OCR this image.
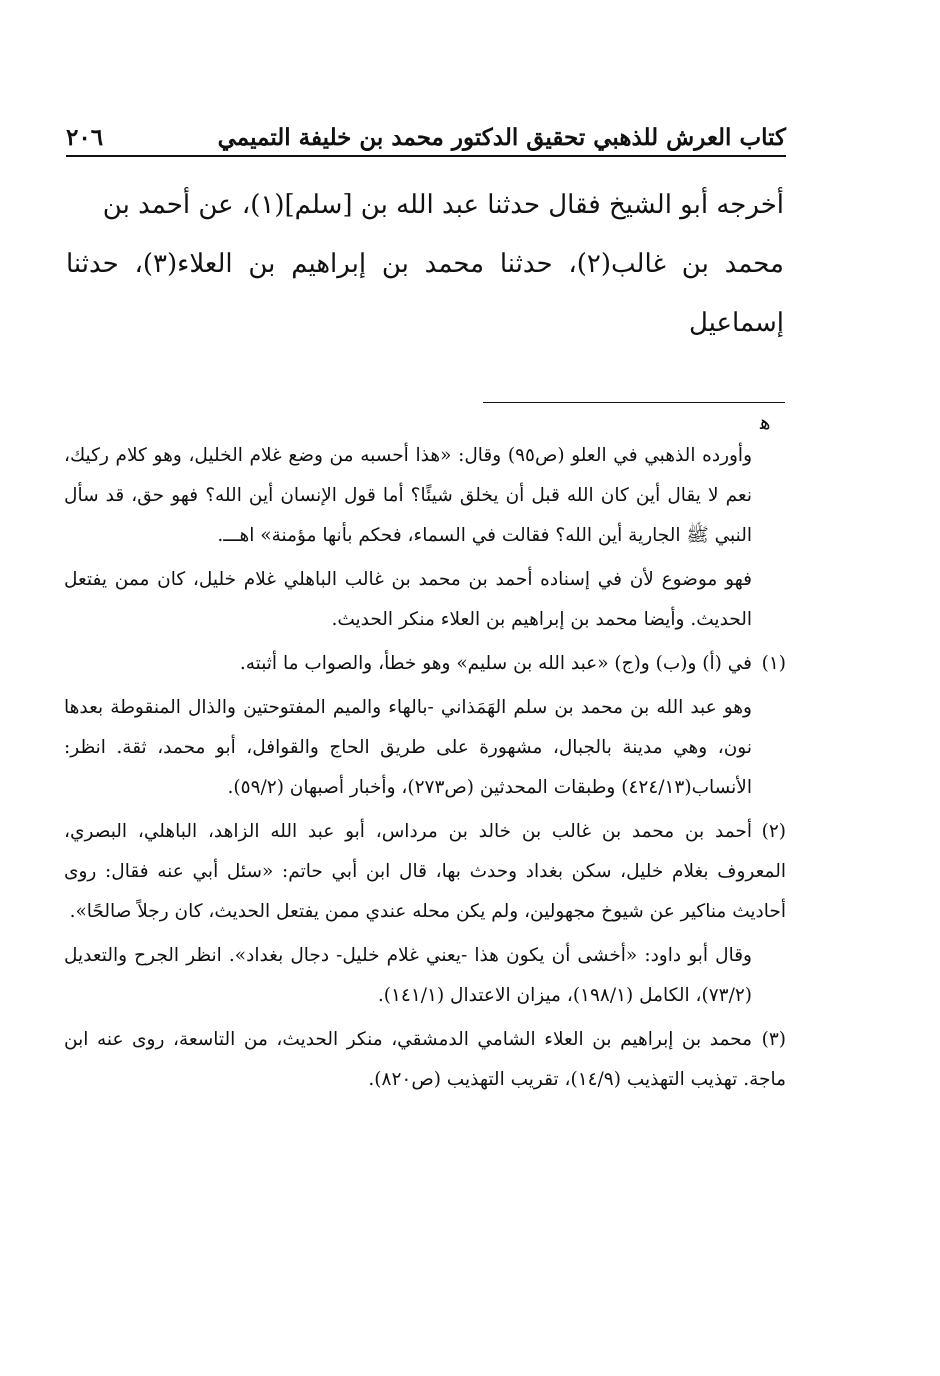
كتاب العرش للذهبي تحقيق الدكتور محمد بن خليفة التميمي
٢٠٦
أخرجه أبو الشيخ فقال حدثنا عبد الله بن [سلم](١)، عن أحمد بن
محمد بن غالب(٢)، حدثنا محمد بن إبراهيم بن العلاء(٣)، حدثنا إسماعيل
ﻫ

وأورده الذهبي في العلو (ص٩٥) وقال: «هذا أحسبه من وضع غلام الخليل، وهو كلام ركيك، نعم لا يقال أين كان الله قبل أن يخلق شيئًا؟ أما قول الإنسان أين الله؟ فهو حق، قد سأل النبي ﷺ الجارية أين الله؟ فقالت في السماء، فحكم بأنها مؤمنة» اهـــ.

فهو موضوع لأن في إسناده أحمد بن محمد بن غالب الباهلي غلام خليل، كان ممن يفتعل الحديث. وأيضا محمد بن إبراهيم بن العلاء منكر الحديث.

(١)في (أ) و(ب) و(ج) «عبد الله بن سليم» وهو خطأ، والصواب ما أثبته.

وهو عبد الله بن محمد بن سلم الهَمَذاني -بالهاء والميم المفتوحتين والذال المنقوطة بعدها نون، وهي مدينة بالجبال، مشهورة على طريق الحاج والقوافل، أبو محمد، ثقة. انظر: الأنساب(٤٢٤/١٣) وطبقات المحدثين (ص٢٧٣)، وأخبار أصبهان (٥٩/٢).

(٢)أحمد بن محمد بن غالب بن خالد بن مرداس، أبو عبد الله الزاهد، الباهلي، البصري، المعروف بغلام خليل، سكن بغداد وحدث بها، قال ابن أبي حاتم: «سئل أبي عنه فقال: روى أحاديث مناكير عن شيوخ مجهولين، ولم يكن محله عندي ممن يفتعل الحديث، كان رجلاً صالحًا».

وقال أبو داود: «أخشى أن يكون هذا -يعني غلام خليل- دجال بغداد». انظر الجرح والتعديل (٧٣/٢)، الكامل (١٩٨/١)، ميزان الاعتدال (١٤١/١).

(٣)محمد بن إبراهيم بن العلاء الشامي الدمشقي، منكر الحديث، من التاسعة، روى عنه ابن ماجة. تهذيب التهذيب (١٤/٩)، تقريب التهذيب (ص٨٢٠).
